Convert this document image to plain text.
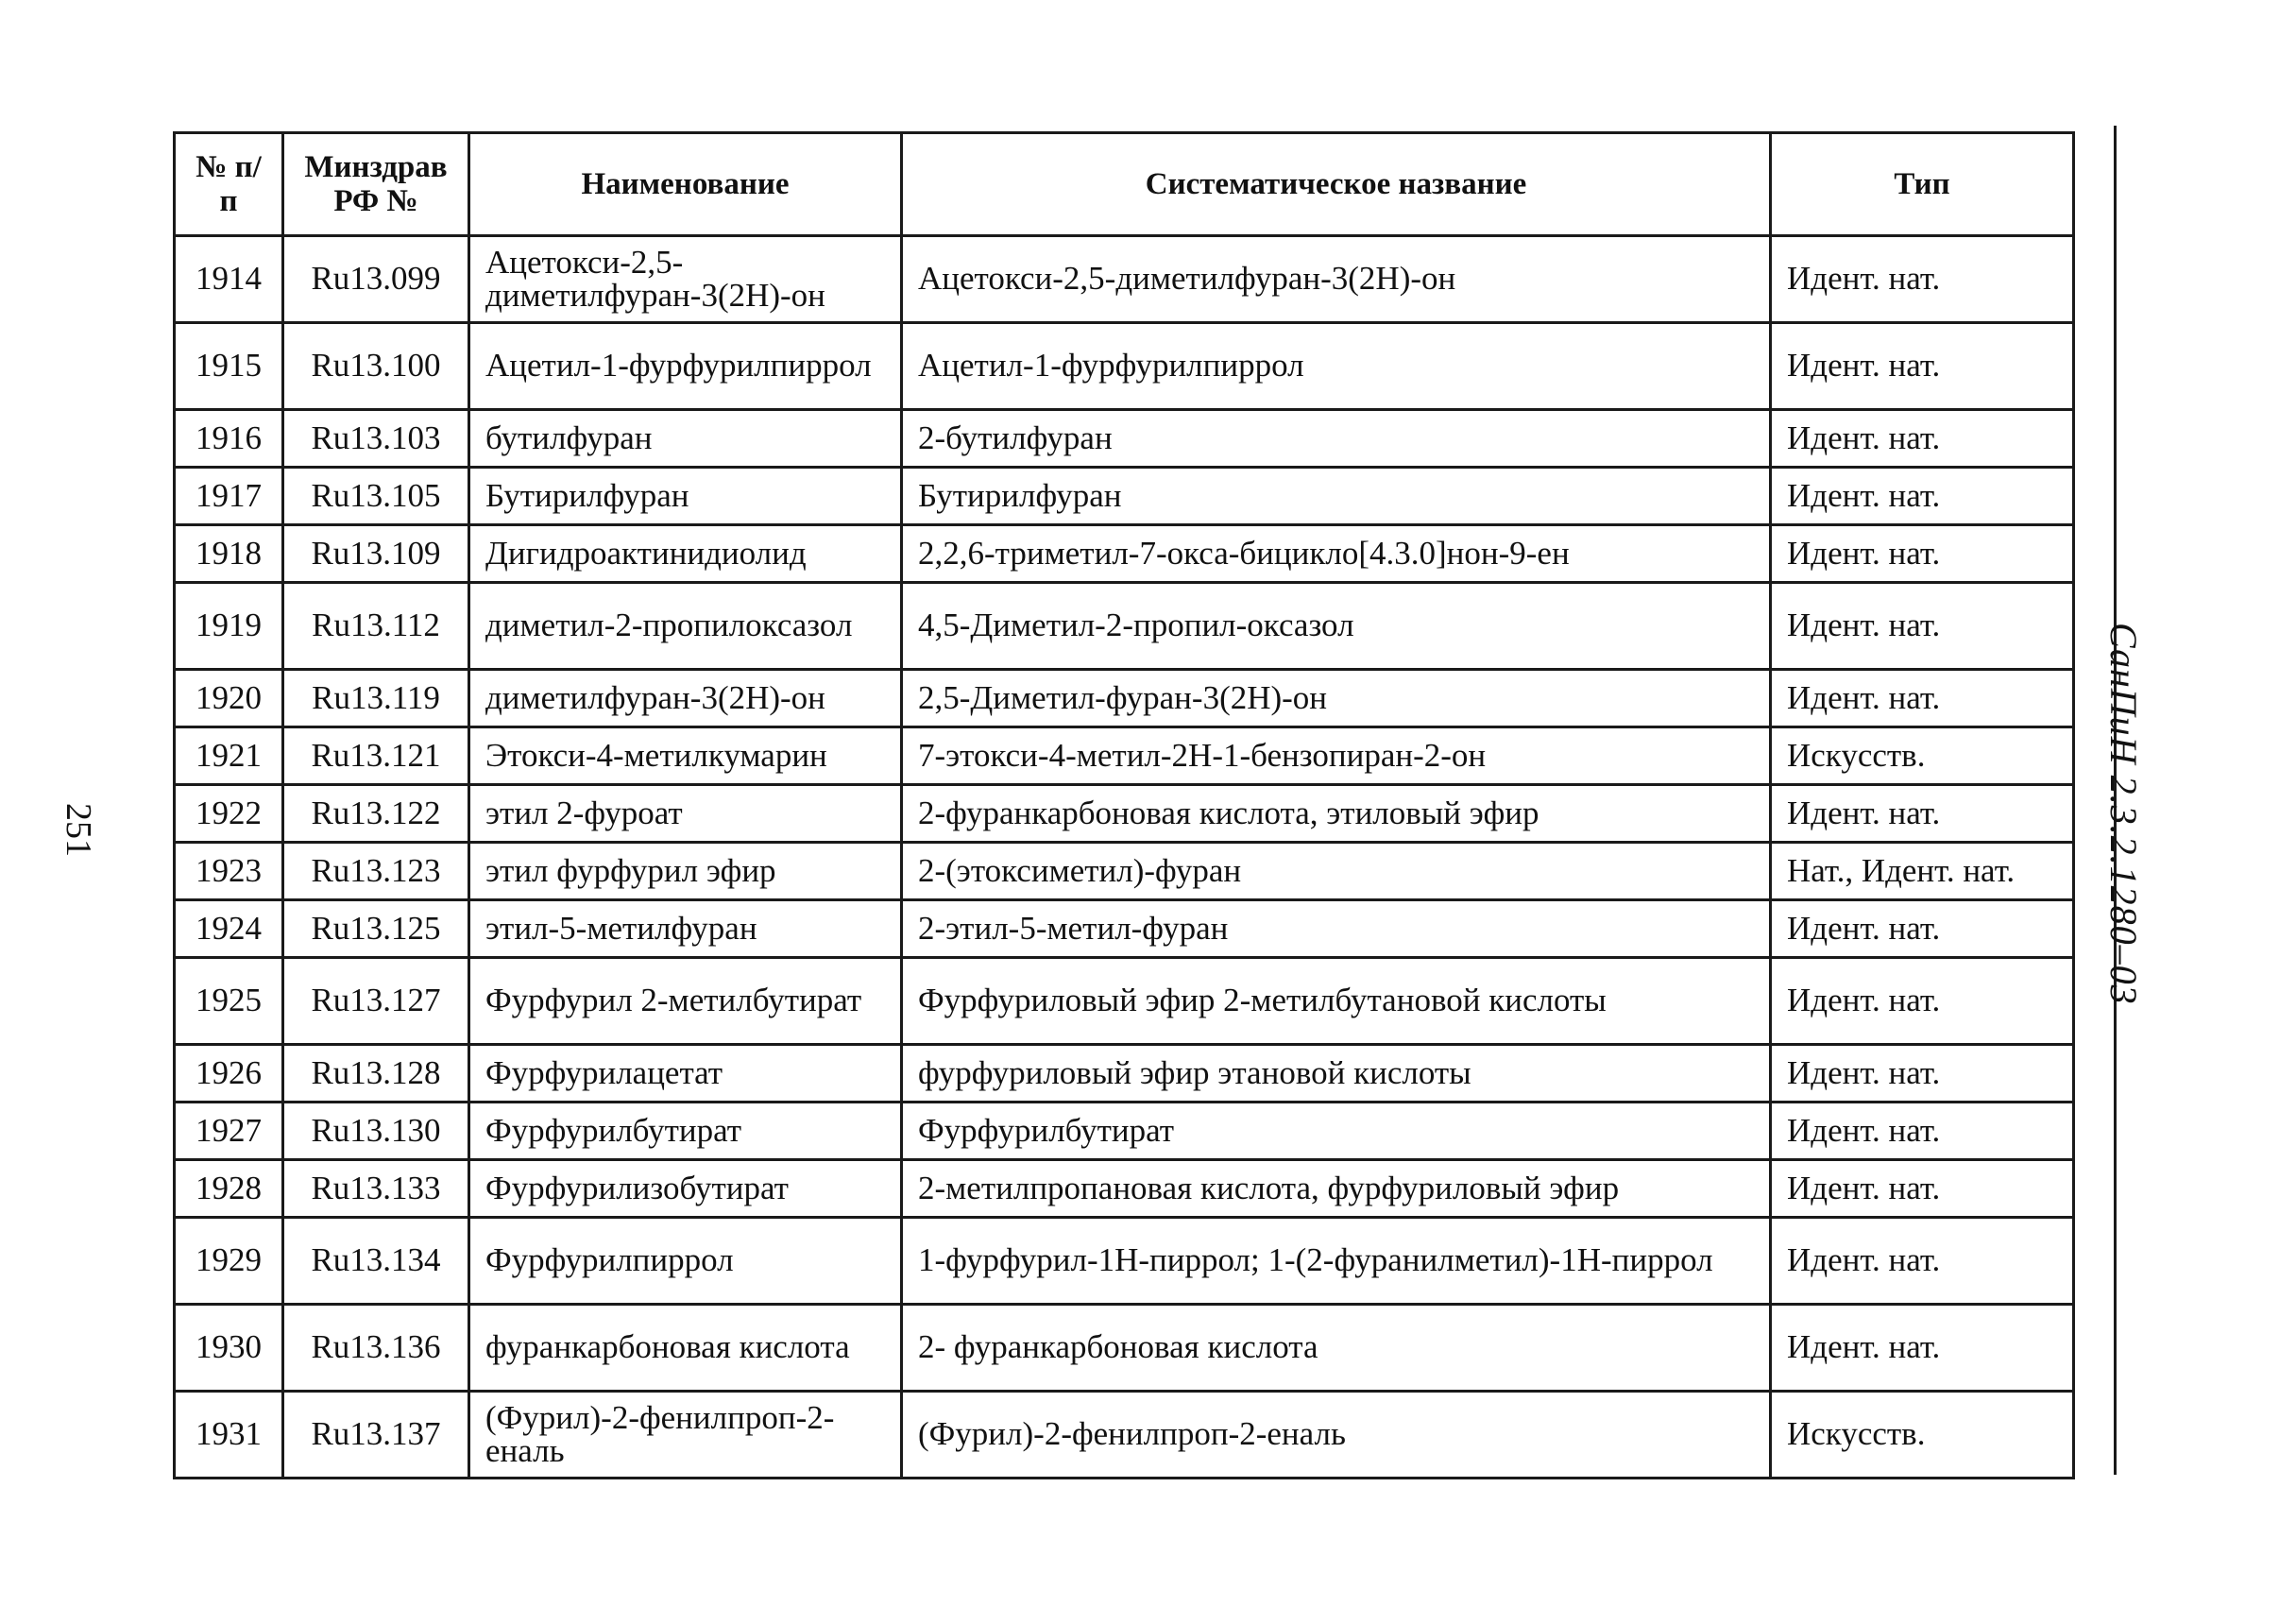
251
№ п/п	Минздрав РФ №	Наименование	Систематическое название	Тип
1914	Ru13.099	Ацетокси-2,5-диметилфуран-3(2Н)-он	Ацетокси-2,5-диметилфуран-3(2Н)-он	Идент. нат.
1915	Ru13.100	Ацетил-1-фурфурилпиррол	Ацетил-1-фурфурилпиррол	Идент. нат.
1916	Ru13.103	бутилфуран	2-бутилфуран	Идент. нат.
1917	Ru13.105	Бутирилфуран	Бутирилфуран	Идент. нат.
1918	Ru13.109	Дигидроактинидиолид	2,2,6-триметил-7-окса-бицикло[4.3.0]нон-9-ен	Идент. нат.
1919	Ru13.112	диметил-2-пропилоксазол	4,5-Диметил-2-пропил-оксазол	Идент. нат.
1920	Ru13.119	диметилфуран-3(2Н)-он	2,5-Диметил-фуран-3(2Н)-он	Идент. нат.
1921	Ru13.121	Этокси-4-метилкумарин	7-этокси-4-метил-2Н-1-бензопиран-2-он	Искусств.
1922	Ru13.122	этил 2-фуроат	2-фуранкарбоновая кислота, этиловый эфир	Идент. нат.
1923	Ru13.123	этил фурфурил эфир	2-(этоксиметил)-фуран	Нат., Идент. нат.
1924	Ru13.125	этил-5-метилфуран	2-этил-5-метил-фуран	Идент. нат.
1925	Ru13.127	Фурфурил 2-метилбутират	Фурфуриловый эфир 2-метилбутановой кислоты	Идент. нат.
1926	Ru13.128	Фурфурилацетат	фурфуриловый эфир этановой кислоты	Идент. нат.
1927	Ru13.130	Фурфурилбутират	Фурфурилбутират	Идент. нат.
1928	Ru13.133	Фурфурилизобутират	2-метилпропановая кислота, фурфуриловый эфир	Идент. нат.
1929	Ru13.134	Фурфурилпиррол	1-фурфурил-1Н-пиррол; 1-(2-фуранилметил)-1Н-пиррол	Идент. нат.
1930	Ru13.136	фуранкарбоновая кислота	2- фуранкарбоновая кислота	Идент. нат.
1931	Ru13.137	(Фурил)-2-фенилпроп-2-еналь	(Фурил)-2-фенилпроп-2-еналь	Искусств.
СанПиН 2.3.2.1280–03
